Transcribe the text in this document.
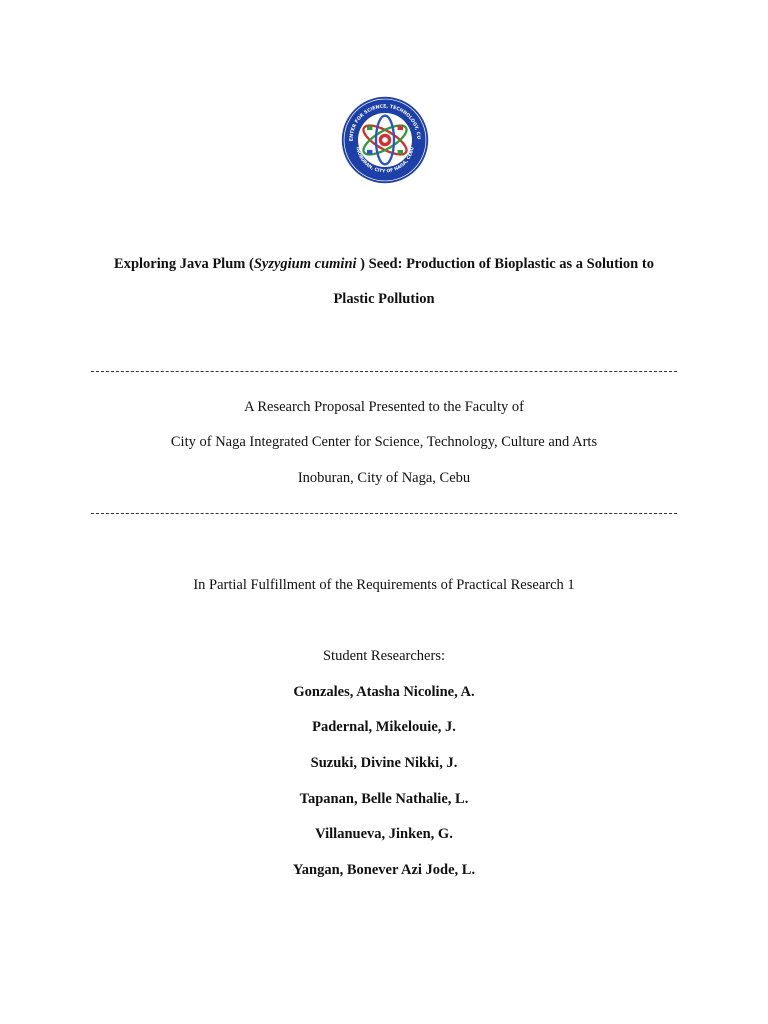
ENTER FOR SCIENCE, TECHNOLOGY, CU
INOBURAN, CITY OF NAGA, CEBU
Exploring Java Plum (Syzygium cumini ) Seed: Production of Bioplastic as a Solution to
Plastic Pollution
A Research Proposal Presented to the Faculty of
City of Naga Integrated Center for Science, Technology, Culture and Arts
Inoburan, City of Naga, Cebu
In Partial Fulfillment of the Requirements of Practical Research 1
Student Researchers:
Gonzales, Atasha Nicoline, A.
Padernal, Mikelouie, J.
Suzuki, Divine Nikki, J.
Tapanan, Belle Nathalie, L.
Villanueva, Jinken, G.
Yangan, Bonever Azi Jode, L.
